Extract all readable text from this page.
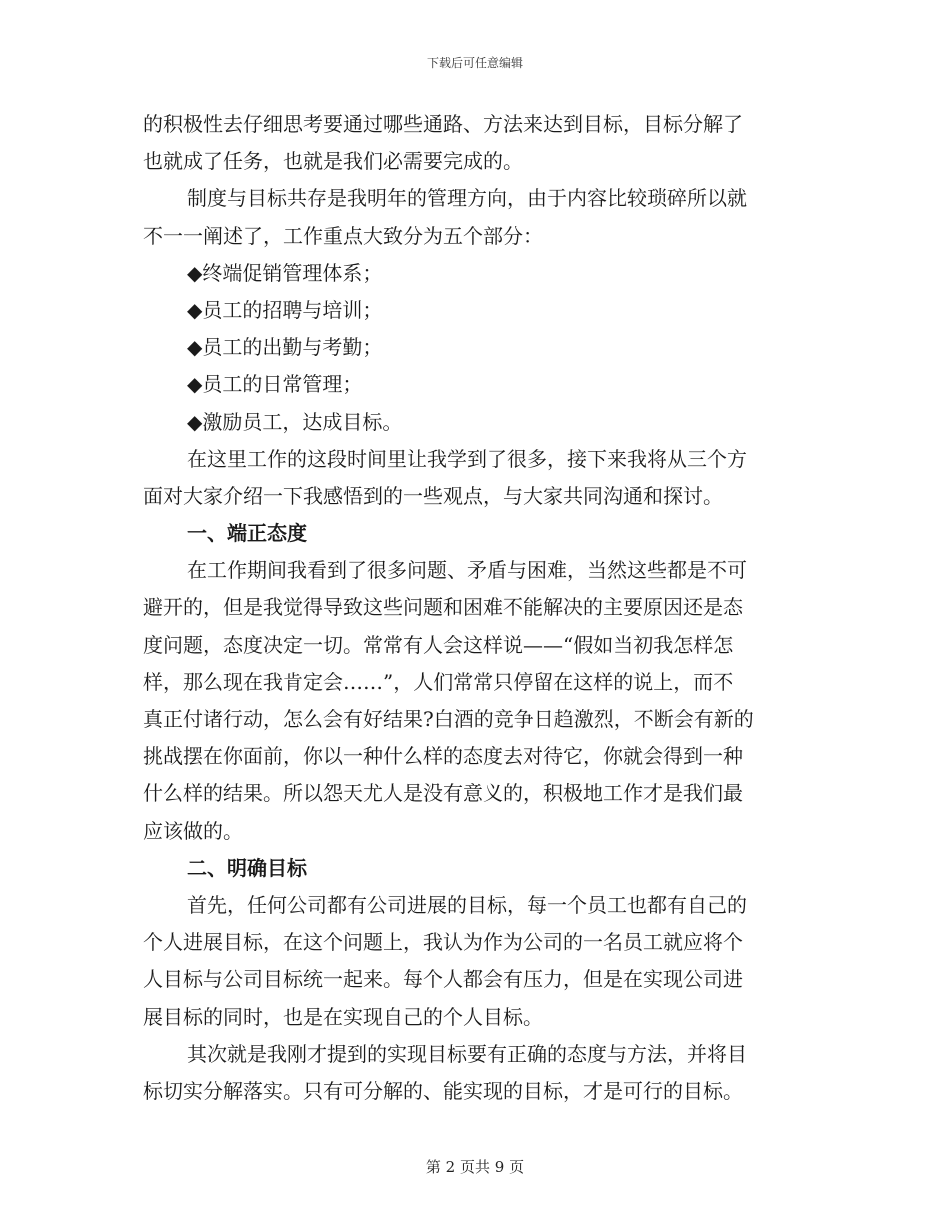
下载后可任意编辑
的积极性去仔细思考要通过哪些通路、方法来达到目标，目标分解了
也就成了任务，也就是我们必需要完成的。
制度与目标共存是我明年的管理方向，由于内容比较琐碎所以就
不一一阐述了，工作重点大致分为五个部分：
◆终端促销管理体系；
◆员工的招聘与培训；
◆员工的出勤与考勤；
◆员工的日常管理；
◆激励员工，达成目标。
在这里工作的这段时间里让我学到了很多，接下来我将从三个方
面对大家介绍一下我感悟到的一些观点，与大家共同沟通和探讨。
一、端正态度
在工作期间我看到了很多问题、矛盾与困难，当然这些都是不可
避开的，但是我觉得导致这些问题和困难不能解决的主要原因还是态
度问题，态度决定一切。常常有人会这样说——“假如当初我怎样怎
样，那么现在我肯定会……”，人们常常只停留在这样的说上，而不
真正付诸行动，怎么会有好结果?白酒的竞争日趋激烈，不断会有新的
挑战摆在你面前，你以一种什么样的态度去对待它，你就会得到一种
什么样的结果。所以怨天尤人是没有意义的，积极地工作才是我们最
应该做的。
二、明确目标
首先，任何公司都有公司进展的目标，每一个员工也都有自己的
个人进展目标，在这个问题上，我认为作为公司的一名员工就应将个
人目标与公司目标统一起来。每个人都会有压力，但是在实现公司进
展目标的同时，也是在实现自己的个人目标。
其次就是我刚才提到的实现目标要有正确的态度与方法，并将目
标切实分解落实。只有可分解的、能实现的目标，才是可行的目标。
第 2 页共 9 页
